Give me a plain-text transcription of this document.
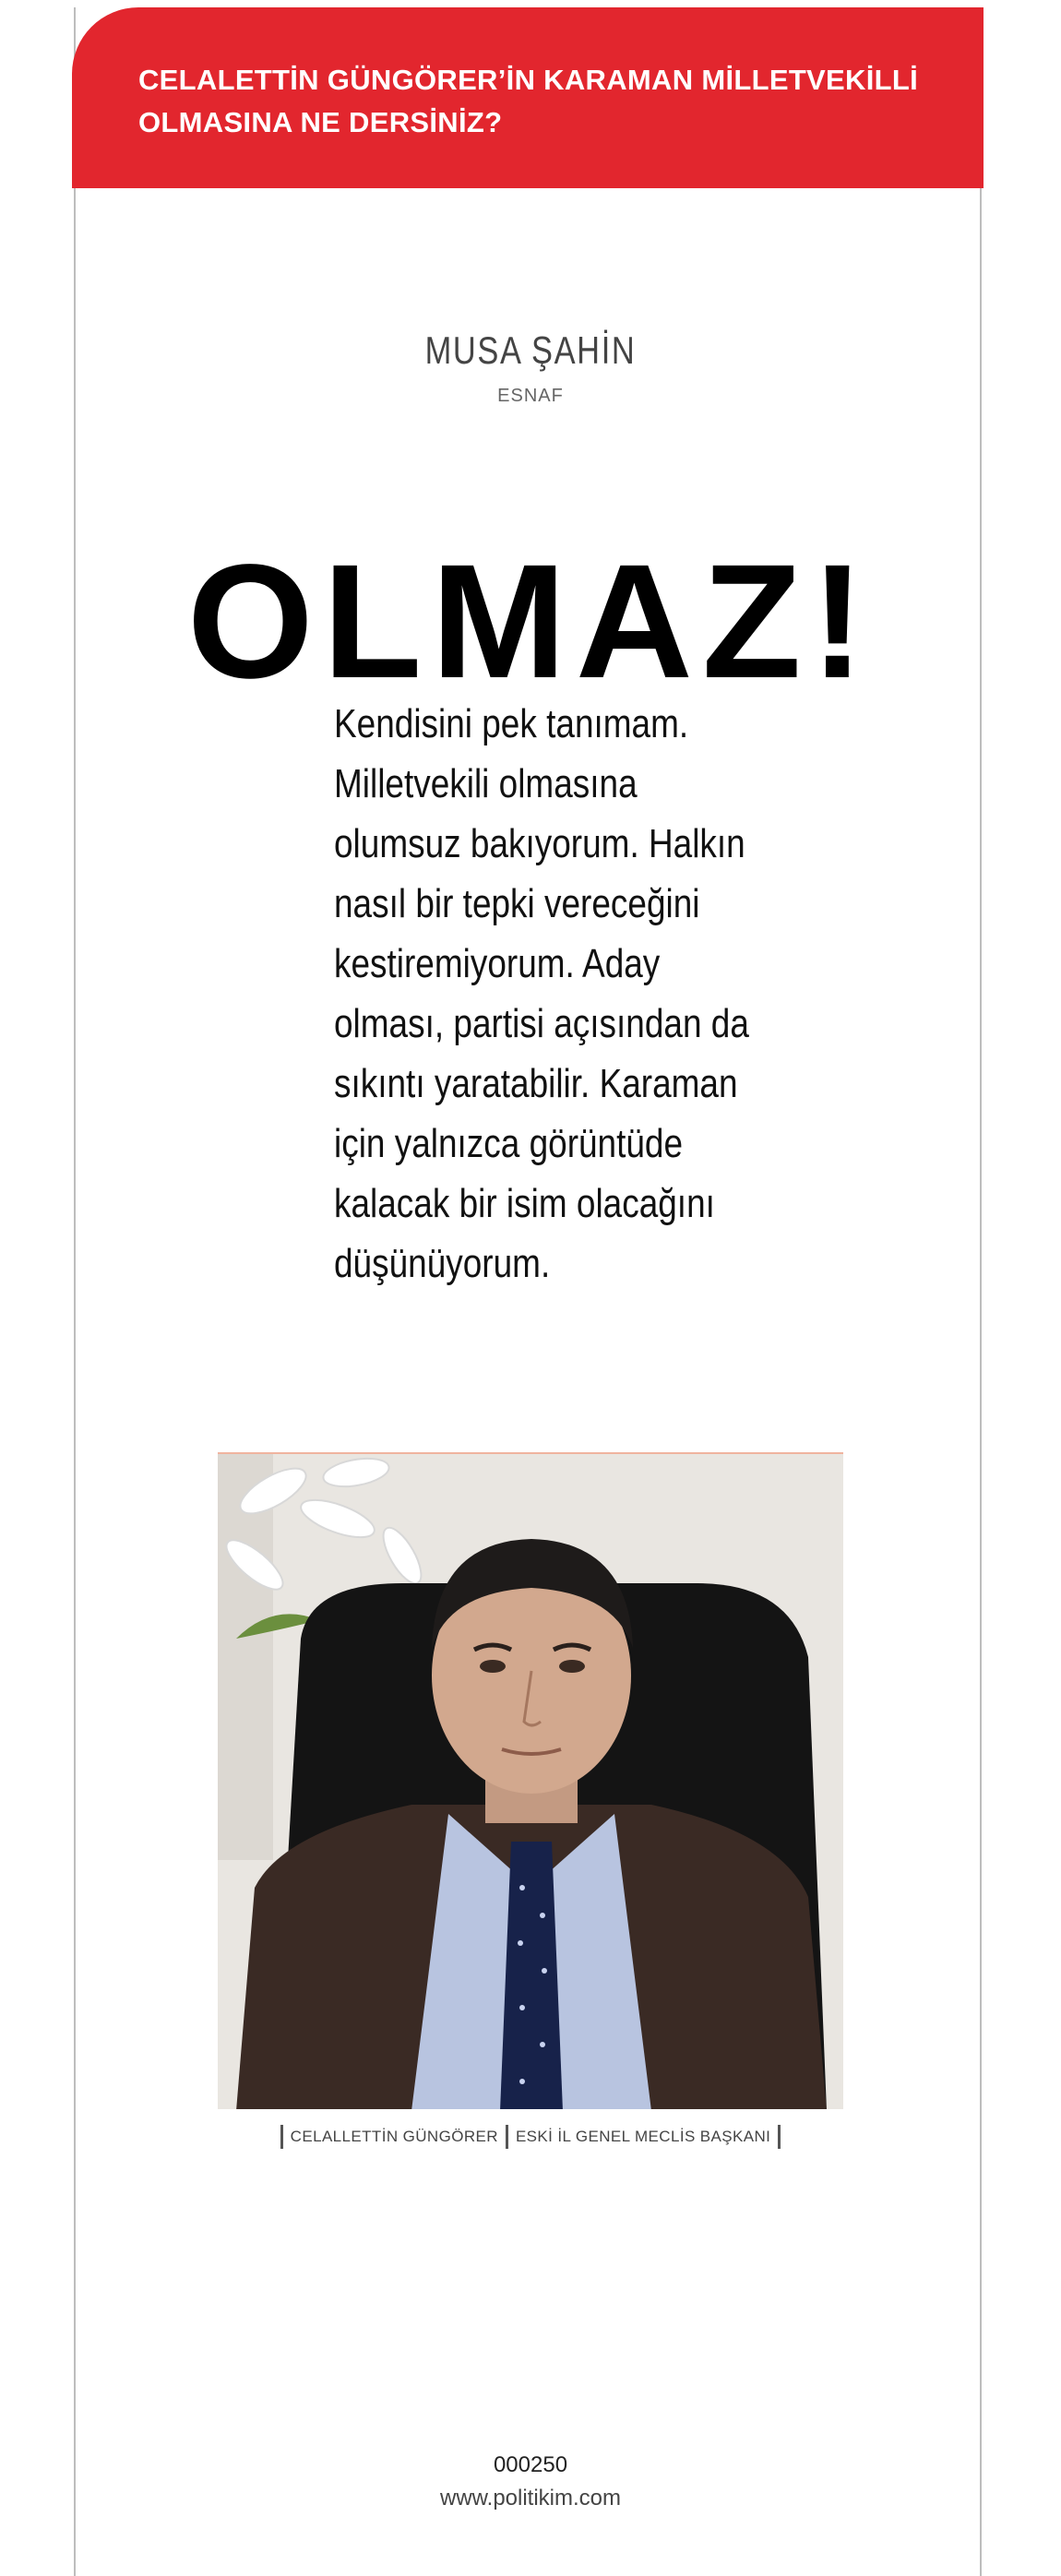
CELALETTİN GÜNGÖRER’İN KARAMAN MİLLETVEKİLLİ OLMASINA NE DERSİNİZ?
MUSA ŞAHİN
ESNAF
OLMAZ!

Kendisini pek tanımam. Milletvekili olmasına olumsuz bakıyorum. Halkın nasıl bir tepki vereceğini kestiremiyorum. Aday olması, partisi açısından da sıkıntı yaratabilir. Karaman için yalnızca görüntüde kalacak bir isim olacağını düşünüyorum.

CELALLETTİN GÜNGÖRER ESKİ İL GENEL MECLİS BAŞKANI
000250
www.politikim.com
